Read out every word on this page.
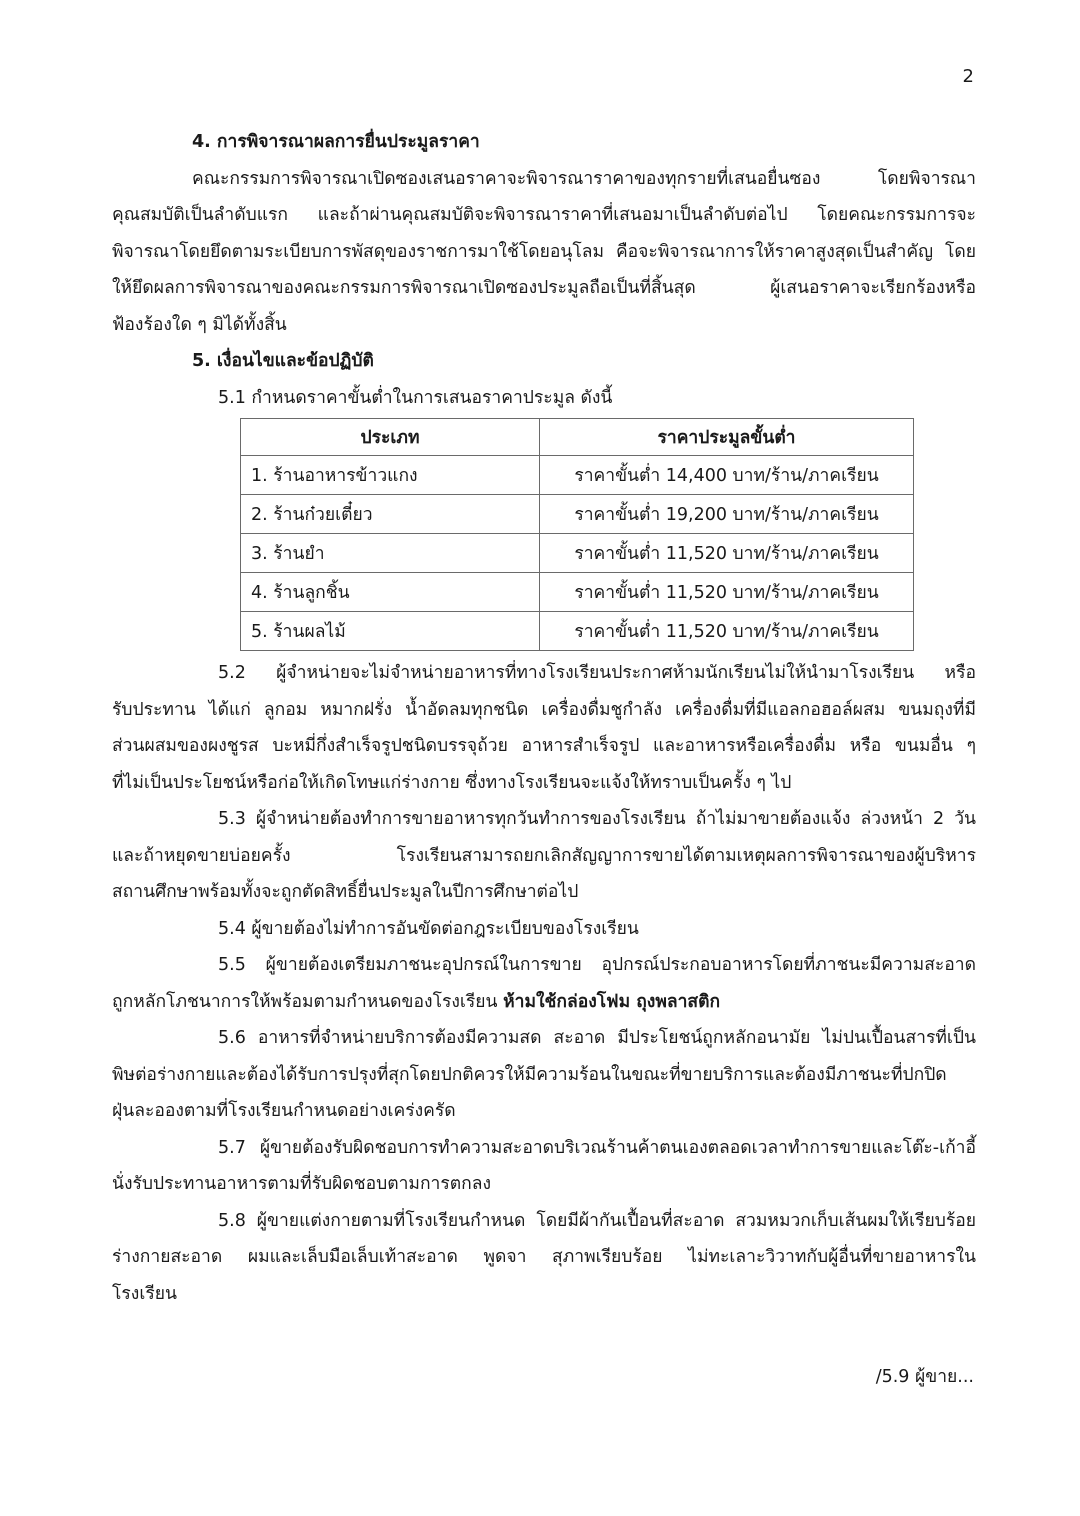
2
4. การพิจารณาผลการยื่นประมูลราคา
คณะกรรมการพิจารณาเปิดซองเสนอราคาจะพิจารณาราคาของทุกรายที่เสนอยื่นซอง โดยพิจารณา
คุณสมบัติเป็นลำดับแรก และถ้าผ่านคุณสมบัติจะพิจารณาราคาที่เสนอมาเป็นลำดับต่อไป โดยคณะกรรมการจะ
พิจารณาโดยยึดตามระเบียบการพัสดุของราชการมาใช้โดยอนุโลม คือจะพิจารณาการให้ราคาสูงสุดเป็นสำคัญ โดย
ให้ยึดผลการพิจารณาของคณะกรรมการพิจารณาเปิดซองประมูลถือเป็นที่สิ้นสุด ผู้เสนอราคาจะเรียกร้องหรือ
ฟ้องร้องใด ๆ มิได้ทั้งสิ้น
5. เงื่อนไขและข้อปฏิบัติ
5.1 กำหนดราคาขั้นต่ำในการเสนอราคาประมูล ดังนี้
ประเภท	ราคาประมูลขั้นต่ำ
1. ร้านอาหารข้าวแกง	ราคาขั้นต่ำ 14,400 บาท/ร้าน/ภาคเรียน
2. ร้านก๋วยเตี๋ยว	ราคาขั้นต่ำ 19,200 บาท/ร้าน/ภาคเรียน
3. ร้านยำ	ราคาขั้นต่ำ 11,520 บาท/ร้าน/ภาคเรียน
4. ร้านลูกชิ้น	ราคาขั้นต่ำ 11,520 บาท/ร้าน/ภาคเรียน
5. ร้านผลไม้	ราคาขั้นต่ำ 11,520 บาท/ร้าน/ภาคเรียน
5.2 ผู้จำหน่ายจะไม่จำหน่ายอาหารที่ทางโรงเรียนประกาศห้ามนักเรียนไม่ให้นำมาโรงเรียน หรือ
รับประทาน ได้แก่ ลูกอม หมากฝรั่ง น้ำอัดลมทุกชนิด เครื่องดื่มชูกำลัง เครื่องดื่มที่มีแอลกอฮอล์ผสม ขนมถุงที่มี
ส่วนผสมของผงชูรส บะหมี่กึ่งสำเร็จรูปชนิดบรรจุถ้วย อาหารสำเร็จรูป และอาหารหรือเครื่องดื่ม หรือ ขนมอื่น ๆ
ที่ไม่เป็นประโยชน์หรือก่อให้เกิดโทษแก่ร่างกาย ซึ่งทางโรงเรียนจะแจ้งให้ทราบเป็นครั้ง ๆ ไป
5.3 ผู้จำหน่ายต้องทำการขายอาหารทุกวันทำการของโรงเรียน ถ้าไม่มาขายต้องแจ้ง ล่วงหน้า 2 วัน
และถ้าหยุดขายบ่อยครั้ง โรงเรียนสามารถยกเลิกสัญญาการขายได้ตามเหตุผลการพิจารณาของผู้บริหาร
สถานศึกษาพร้อมทั้งจะถูกตัดสิทธิ์ยื่นประมูลในปีการศึกษาต่อไป
5.4 ผู้ขายต้องไม่ทำการอันขัดต่อกฎระเบียบของโรงเรียน
5.5 ผู้ขายต้องเตรียมภาชนะอุปกรณ์ในการขาย อุปกรณ์ประกอบอาหารโดยที่ภาชนะมีความสะอาด
ถูกหลักโภชนาการให้พร้อมตามกำหนดของโรงเรียน ห้ามใช้กล่องโฟม ถุงพลาสติก
5.6 อาหารที่จำหน่ายบริการต้องมีความสด สะอาด มีประโยชน์ถูกหลักอนามัย ไม่ปนเปื้อนสารที่เป็น
พิษต่อร่างกายและต้องได้รับการปรุงที่สุกโดยปกติควรให้มีความร้อนในขณะที่ขายบริการและต้องมีภาชนะที่ปกปิด
ฝุ่นละอองตามที่โรงเรียนกำหนดอย่างเคร่งครัด
5.7 ผู้ขายต้องรับผิดชอบการทำความสะอาดบริเวณร้านค้าตนเองตลอดเวลาทำการขายและโต๊ะ-เก้าอี้
นั่งรับประทานอาหารตามที่รับผิดชอบตามการตกลง
5.8 ผู้ขายแต่งกายตามที่โรงเรียนกำหนด โดยมีผ้ากันเปื้อนที่สะอาด สวมหมวกเก็บเส้นผมให้เรียบร้อย
ร่างกายสะอาด ผมและเล็บมือเล็บเท้าสะอาด พูดจา สุภาพเรียบร้อย ไม่ทะเลาะวิวาทกับผู้อื่นที่ขายอาหารใน
โรงเรียน
/5.9 ผู้ขาย...
